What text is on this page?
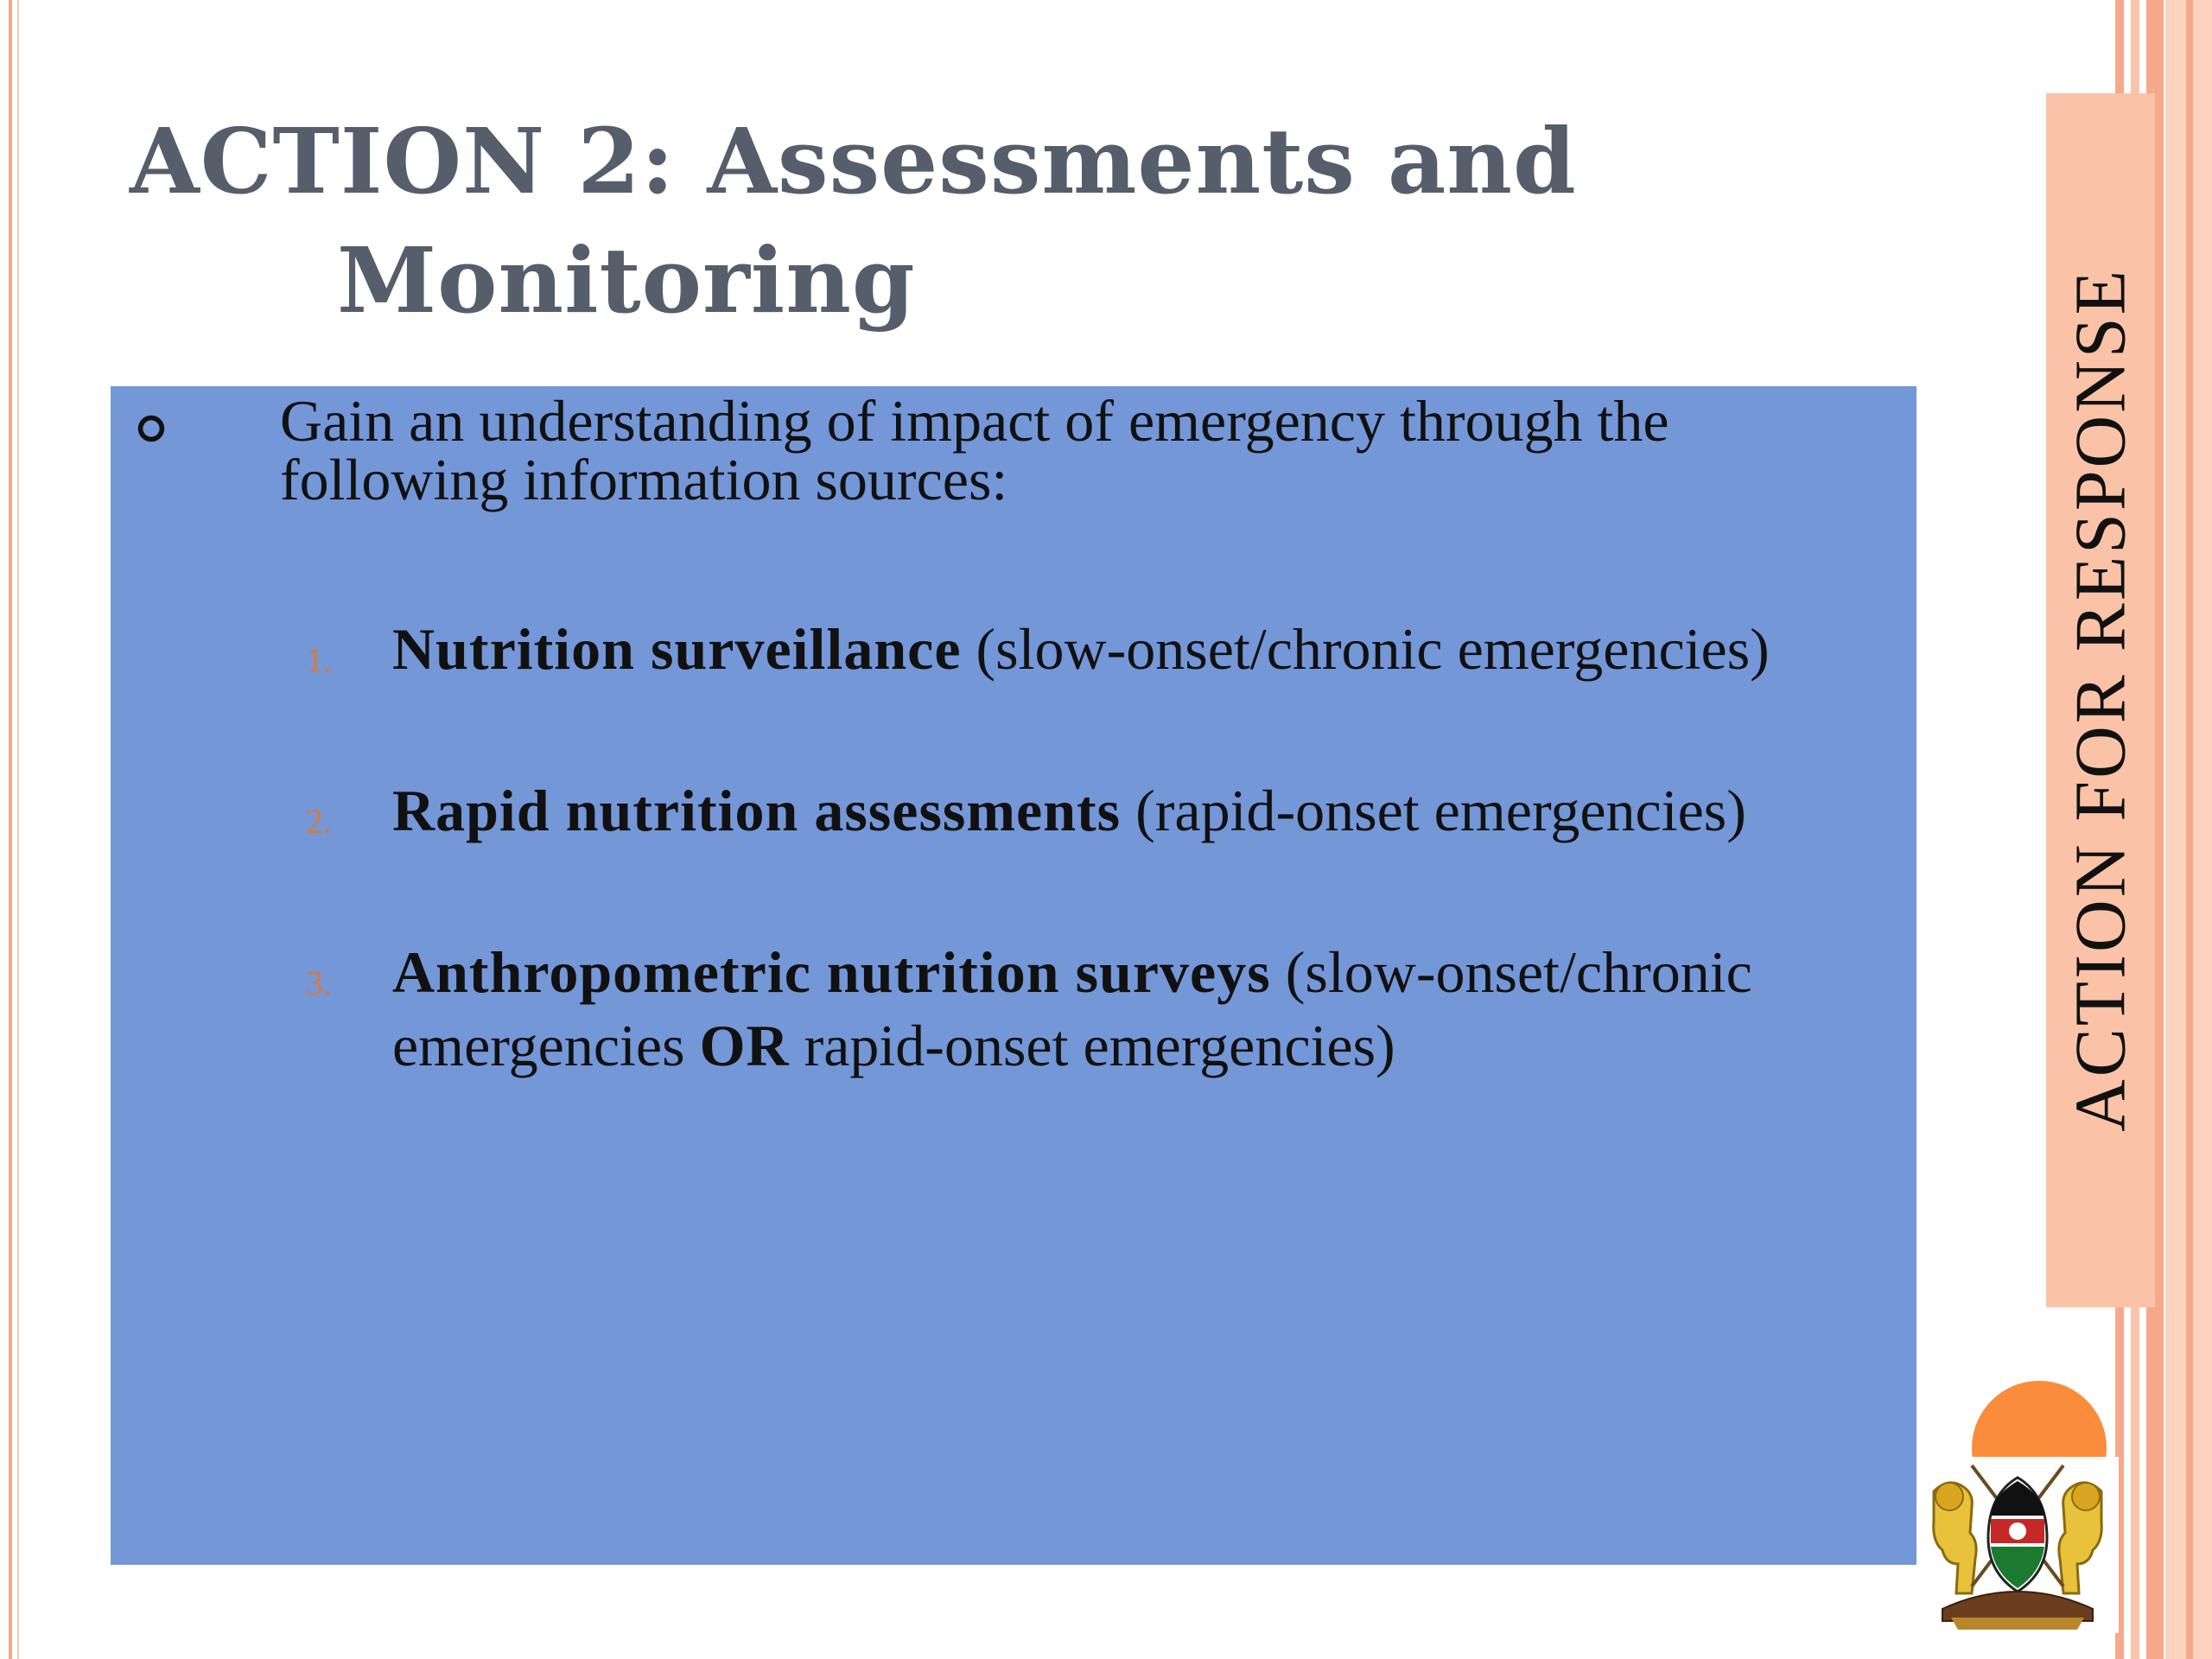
ACTION 2: Assessments and
Monitoring

Gain an understanding of impact of emergency through the following information sources:

1.	Nutrition surveillance (slow-onset/chronic emergencies)
2.	Rapid nutrition assessments (rapid-onset emergencies)
3.	Anthropometric nutrition surveys (slow-onset/chronic emergencies OR rapid-onset emergencies)	ACTION FOR RESPONSE
